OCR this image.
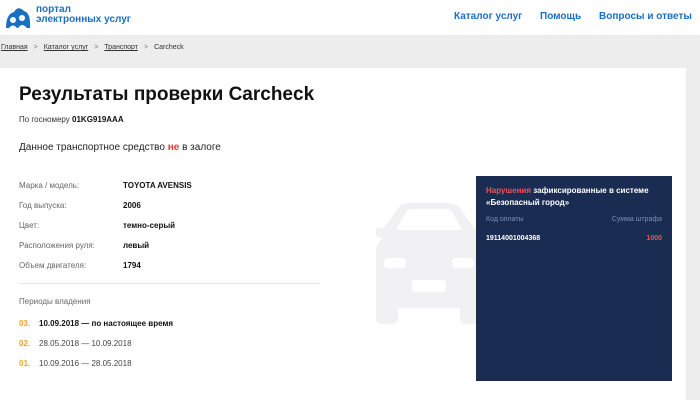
портал
электронных услуг	Каталог услуг Помощь Вопросы и ответы
Главная > Каталог услуг > Транспорт > Carcheck
Результаты проверки Carcheck
По госномеру 01KG919AAA
Данное транспортное средство не в залоге
Марка / модель:	TOYOTA AVENSIS
Год выпуска:	2006
Цвет:	темно-серый
Расположения руля:	левый
Объем двигателя:	1794
Периоды владения
03.	10.09.2018 — по настоящее время
02.	28.05.2018 — 10.09.2018
01.	10.09.2016 — 28.05.2018
Нарушения зафиксированные в системе «Безопасный город»
Код оплаты	Сумма штрафа
19114001004368	1000
